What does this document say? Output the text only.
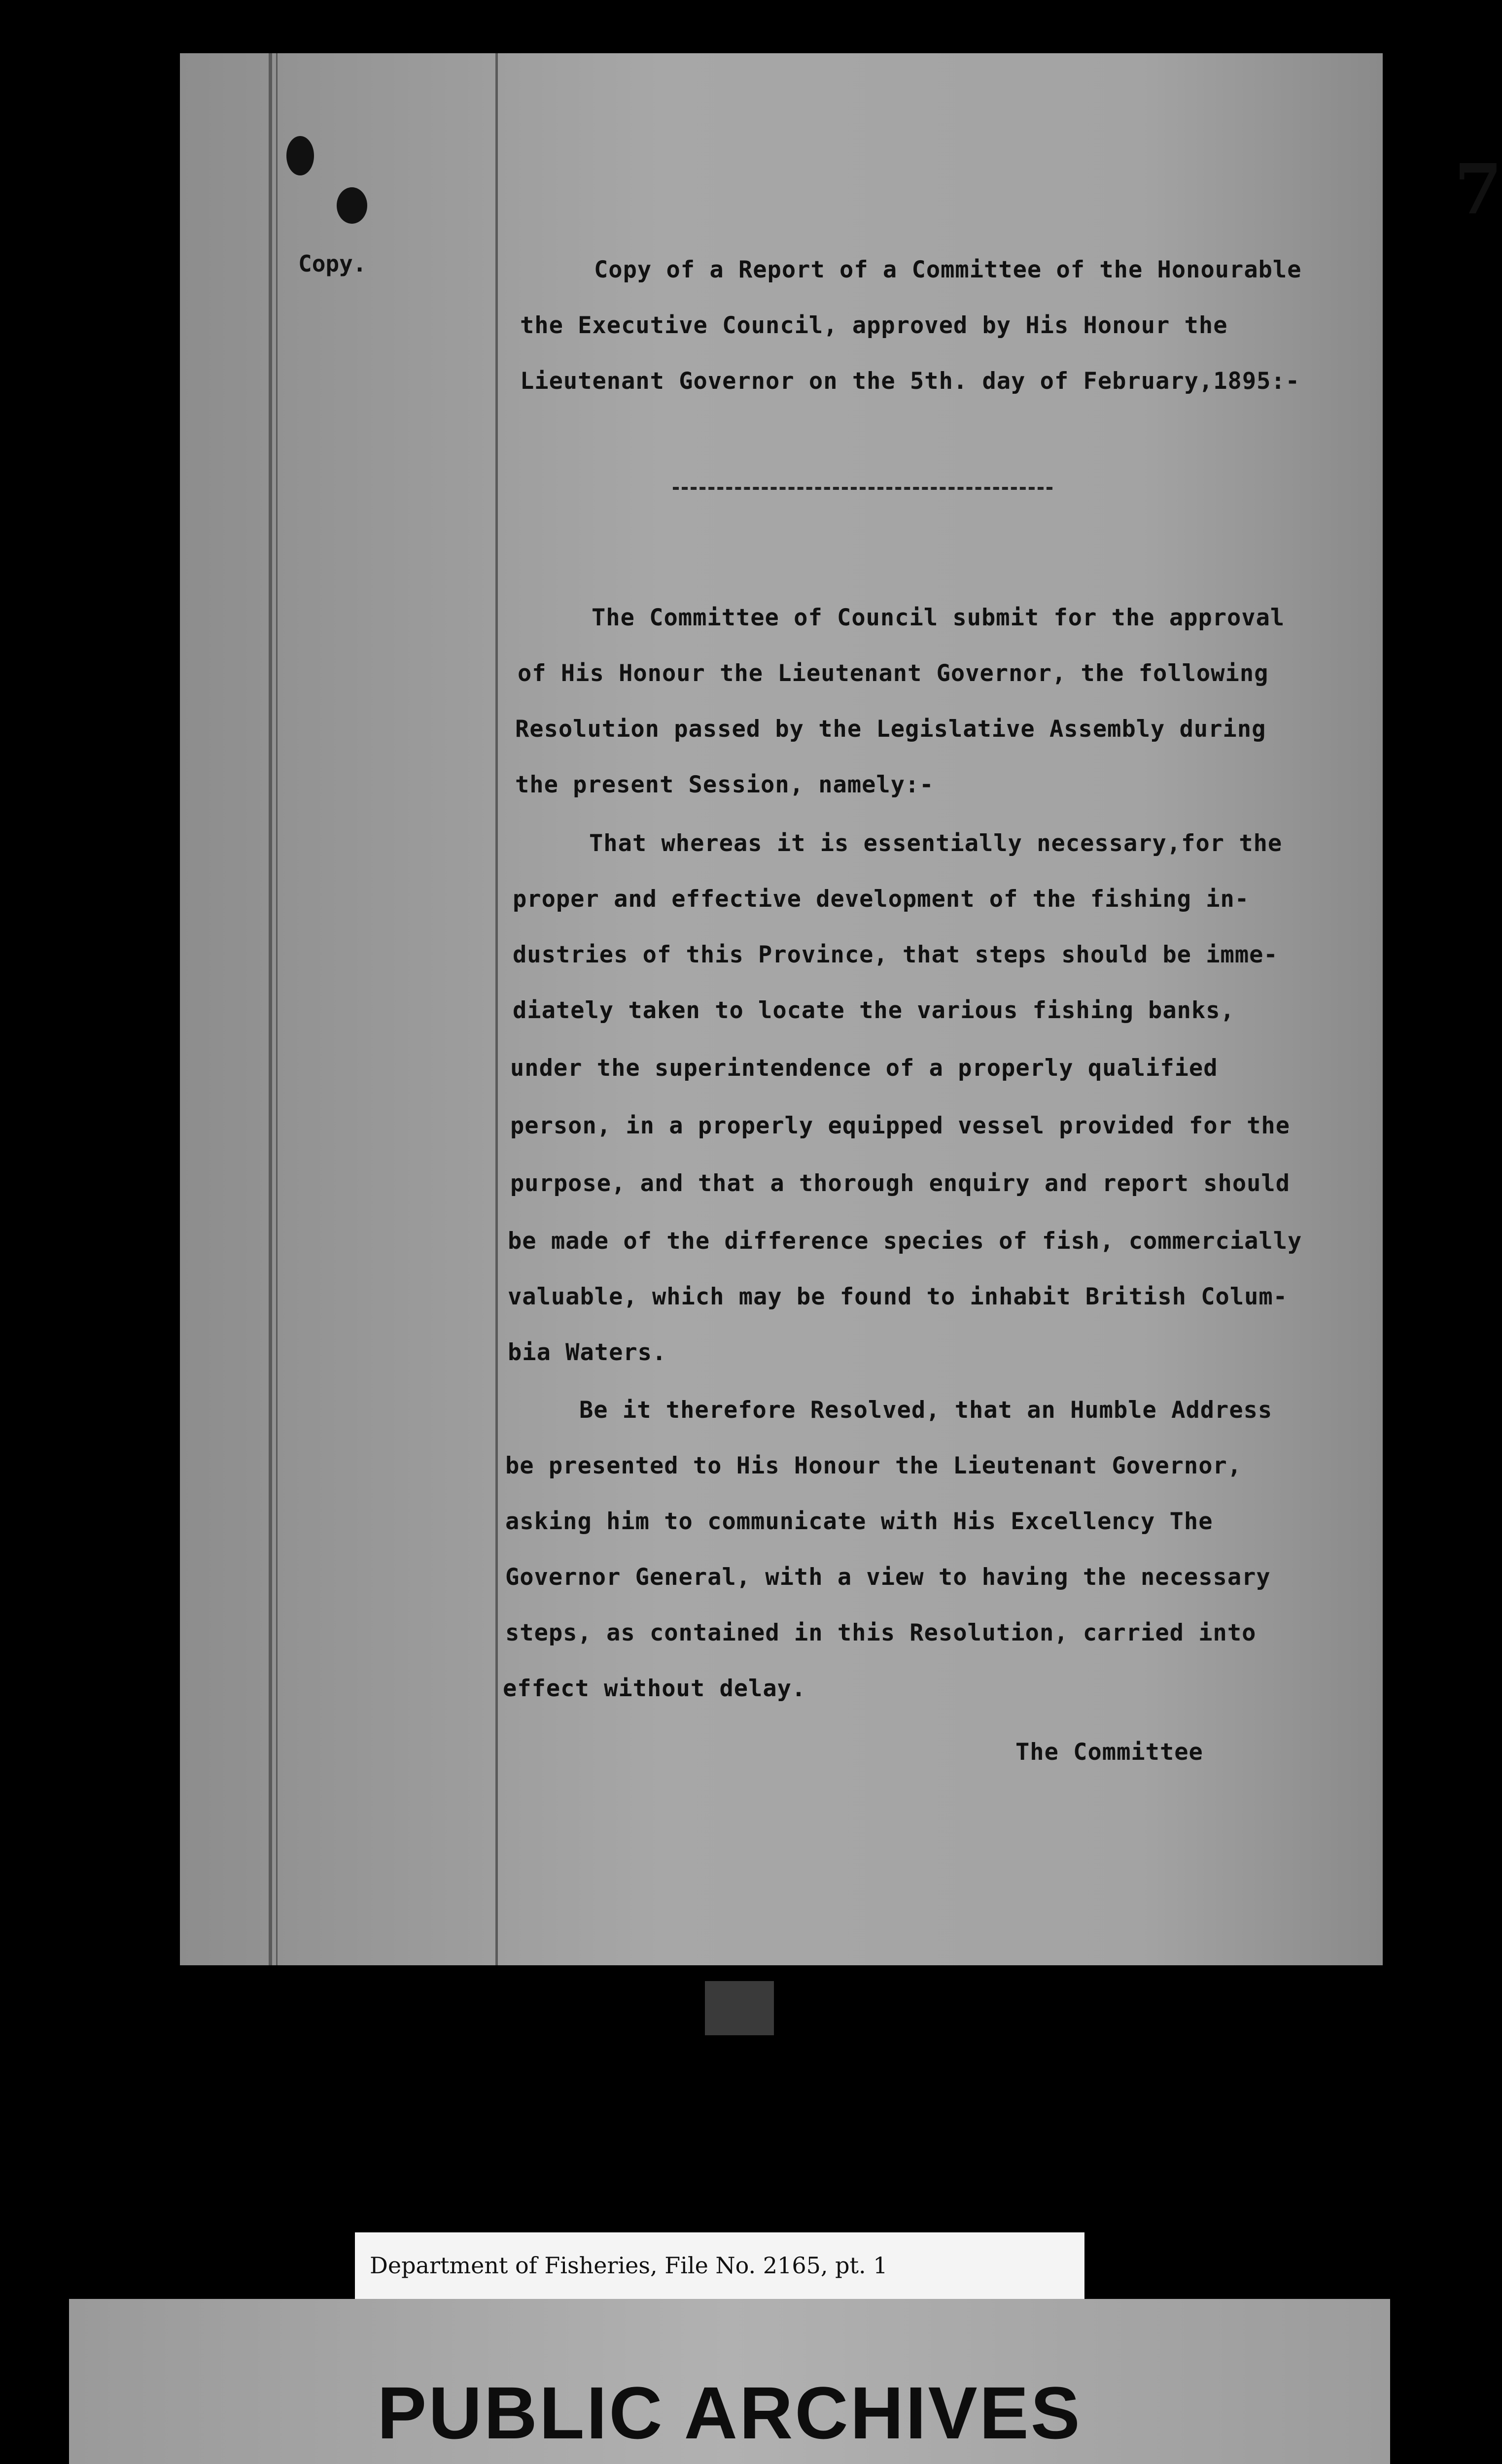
7
Copy.	Copy of a Report of a Committee of the Honourable
the Executive Council, approved by His Honour the
Lieutenant Governor on the 5th. day of February,1895:-
The Committee of Council submit for the approval
of His Honour the Lieutenant Governor, the following
Resolution passed by the Legislative Assembly during
the present Session, namely:-
That whereas it is essentially necessary,for the
proper and effective development of the fishing in-
dustries of this Province, that steps should be imme-
diately taken to locate the various fishing banks,
under the superintendence of a properly qualified
person, in a properly equipped vessel provided for the
purpose, and that a thorough enquiry and report should
be made of the difference species of fish, commercially
valuable, which may be found to inhabit British Colum-
bia Waters.
Be it therefore Resolved, that an Humble Address
be presented to His Honour the Lieutenant Governor,
asking him to communicate with His Excellency The
Governor General, with a view to having the necessary
steps, as contained in this Resolution, carried into
effect without delay.
The Committee
Department of Fisheries, File No. 2165, pt. 1
PUBLIC ARCHIVES
